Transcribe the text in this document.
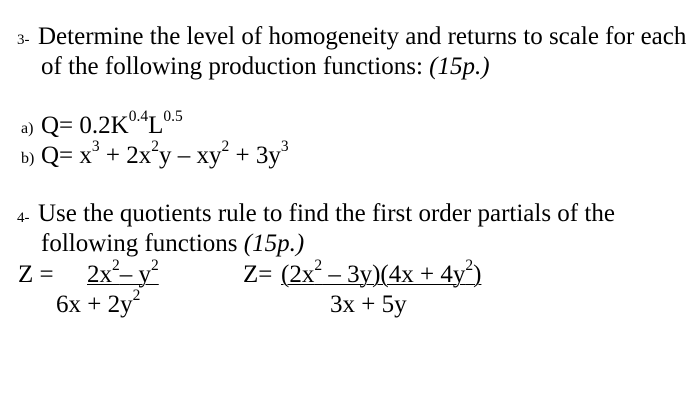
3- Determine the level of homogeneity and returns to scale for each
of the following production functions: (15p.)
a) $Q= 0.2K^{0.4}L^{0.5}$
b) $Q= x^3 + 2x^2y - xy^2 + 3y^3$
4- Use the quotients rule to find the first order partials of the
following functions (15p.)
$Z = 2x^2-$ $y^2$
$6x + 2y^2$
$Z= (2x^2 - 3y)(4x + 4y^2)$
3x + 5y
